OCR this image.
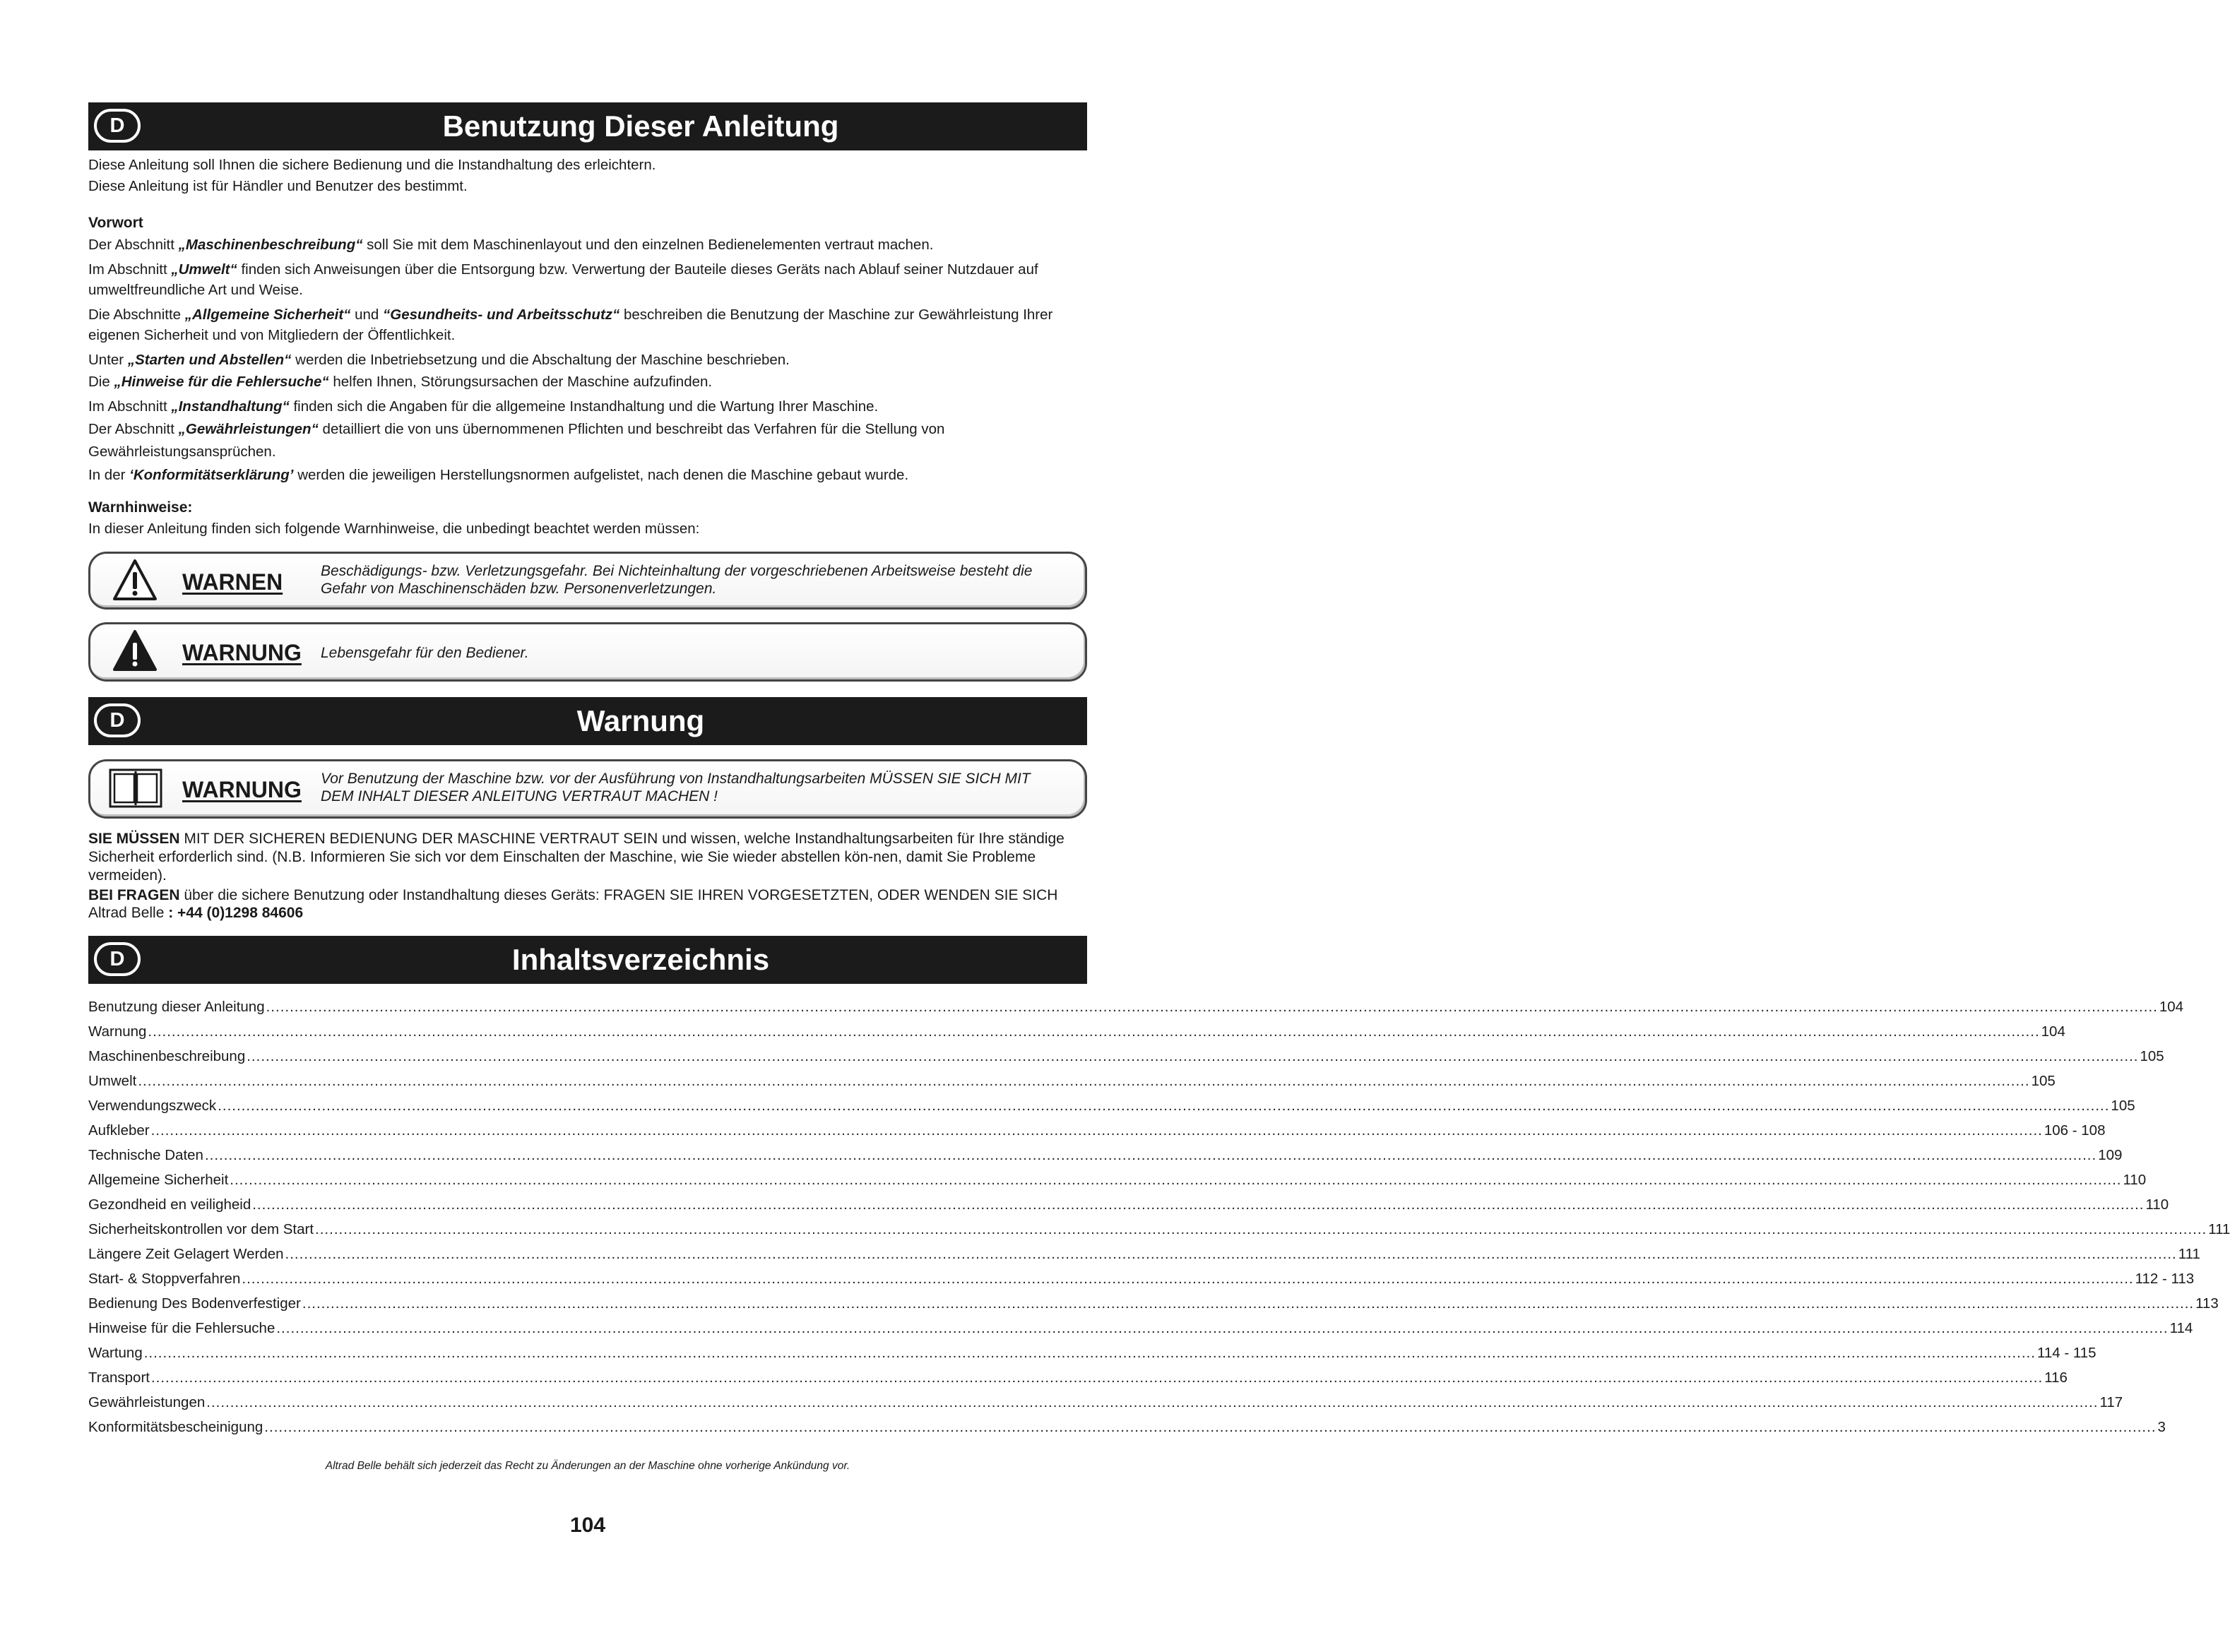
D	Benutzung Dieser Anleitung
Diese Anleitung soll Ihnen die sichere Bedienung und die Instandhaltung des erleichtern.
Diese Anleitung ist für Händler und Benutzer des bestimmt.
Vorwort
Der Abschnitt „Maschinenbeschreibung“ soll Sie mit dem Maschinenlayout und den einzelnen Bedienelementen vertraut machen.
Im Abschnitt „Umwelt“ finden sich Anweisungen über die Entsorgung bzw. Verwertung der Bauteile dieses Geräts nach Ablauf seiner Nutzdauer auf umweltfreundliche Art und Weise.
Die Abschnitte „Allgemeine Sicherheit“ und “Gesundheits- und Arbeitsschutz“ beschreiben die Benutzung der Maschine zur Gewährleistung Ihrer eigenen Sicherheit und von Mitgliedern der Öffentlichkeit.
Unter „Starten und Abstellen“ werden die Inbetriebsetzung und die Abschaltung der Maschine beschrieben.
Die „Hinweise für die Fehlersuche“ helfen Ihnen, Störungsursachen der Maschine aufzufinden.
Im Abschnitt „Instandhaltung“ finden sich die Angaben für die allgemeine Instandhaltung und die Wartung Ihrer Maschine.
Der Abschnitt „Gewährleistungen“ detailliert die von uns übernommenen Pflichten und beschreibt das Verfahren für die Stellung von Gewährleistungsansprüchen.
In der ‘Konformitätserklärung’ werden die jeweiligen Herstellungsnormen aufgelistet, nach denen die Maschine gebaut wurde.
Warnhinweise:
In dieser Anleitung finden sich folgende Warnhinweise, die unbedingt beachtet werden müssen:
WARNEN	Beschädigungs- bzw. Verletzungsgefahr. Bei Nichteinhaltung der vorgeschriebenen Arbeitsweise besteht die Gefahr von Maschinenschäden bzw. Personenverletzungen.
WARNUNG Lebensgefahr für den Bediener.
D	Warnung
WARNUNG Vor Benutzung der Maschine bzw. vor der Ausführung von Instandhaltungsarbeiten MÜSSEN SIE SICH MIT DEM INHALT DIESER ANLEITUNG VERTRAUT MACHEN !
SIE MÜSSEN MIT DER SICHEREN BEDIENUNG DER MASCHINE VERTRAUT SEIN und wissen, welche Instandhaltungsarbeiten für Ihre ständige Sicherheit erforderlich sind. (N.B. Informieren Sie sich vor dem Einschalten der Maschine, wie Sie wieder abstellen kön-nen, damit Sie Probleme vermeiden).
BEI FRAGEN über die sichere Benutzung oder Instandhaltung dieses Geräts: FRAGEN SIE IHREN VORGESETZTEN, ODER WENDEN SIE SICH Altrad Belle : +44 (0)1298 84606
D	Inhaltsverzeichnis
Benutzung dieser Anleitung ................................................................................................................................................................................................................................................................................................................................................................................................................ 104
Warnung ................................................................................................................................................................................................................................................................................................................................................................................................................ 104
Maschinenbeschreibung ................................................................................................................................................................................................................................................................................................................................................................................................................ 105
Umwelt ................................................................................................................................................................................................................................................................................................................................................................................................................ 105
Verwendungszweck ................................................................................................................................................................................................................................................................................................................................................................................................................ 105
Aufkleber ................................................................................................................................................................................................................................................................................................................................................................................................................ 106 - 108
Technische Daten ................................................................................................................................................................................................................................................................................................................................................................................................................ 109
Allgemeine Sicherheit ................................................................................................................................................................................................................................................................................................................................................................................................................ 110
Gezondheid en veiligheid ................................................................................................................................................................................................................................................................................................................................................................................................................ 110
Sicherheitskontrollen vor dem Start ................................................................................................................................................................................................................................................................................................................................................................................................................ 111
Längere Zeit Gelagert Werden ................................................................................................................................................................................................................................................................................................................................................................................................................ 111
Start- & Stoppverfahren ................................................................................................................................................................................................................................................................................................................................................................................................................ 112 - 113
Bedienung Des Bodenverfestiger ................................................................................................................................................................................................................................................................................................................................................................................................................ 113
Hinweise für die Fehlersuche ................................................................................................................................................................................................................................................................................................................................................................................................................ 114
Wartung ................................................................................................................................................................................................................................................................................................................................................................................................................ 114 - 115
Transport ................................................................................................................................................................................................................................................................................................................................................................................................................ 116
Gewährleistungen ................................................................................................................................................................................................................................................................................................................................................................................................................ 117
Konformitätsbescheinigung ................................................................................................................................................................................................................................................................................................................................................................................................................ 3
Altrad Belle behält sich jederzeit das Recht zu Änderungen an der Maschine ohne vorherige Ankündung vor.
104
